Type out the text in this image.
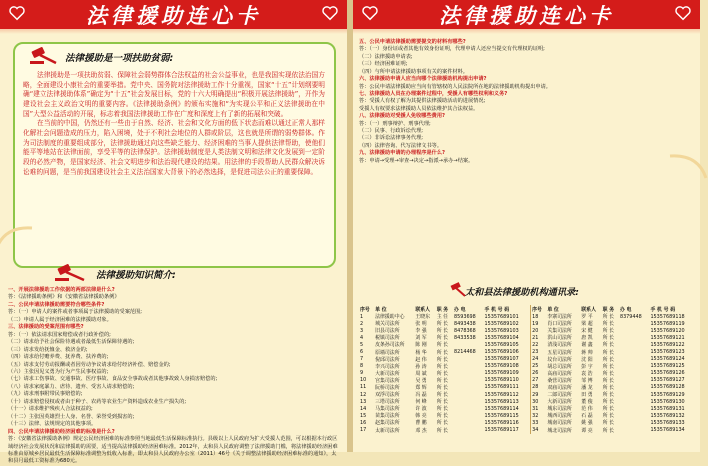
法律援助连心卡
法律援助是一项扶助贫弱:

法律援助是一项扶助贫弱、保障社会弱势群体合法权益的社会公益事业，也是我国实现依法治国方略，全面建设小康社会的重要举措。党中央、国务院对法律援助工作十分重视，国家“十五”计划纲要明确“建立法律援助体系”确定为“十五”社会发展目标，党的十六大明确提出“积极开展法律援助”，开作为建设社会主义政治文明的重要内容。《法律援助条例》的颁布实施和“为实现公平和正义法律援助在中国”大型公益活动的开展，标志着我国法律援助工作在广度和深度上有了新的拓展和突破。

在当前的中国，仍然还有一些由于自然、经济、社会和文化方面的低下状态而难以通过正常人那样化解社会问题造成的压力，陷入困境，处于不利社会地位的人群或阶层，这也就是所谓的弱势群体。作为司法制度的重要组成部分，法律援助通过向这些缺乏能力、经济困难的当事人提供法律帮助，使他们能平等地站在法律面前，享受平等的法律保护。法律援助制度是人类法制文明和法律文化发展到一定阶段的必然产物，是国家经济、社会文明进步和法治现代建设的结果。用法律的手段帮助人民群众解决诉讼难的问题，是当前我国建设社会主义法治国家大背景下的必然选择，是促进司法公正的重要保障。

法律援助知识简介:
一、开展法律援助工作依据的两部法律是什么?
答：《法律援助条例》和《安徽省法律援助条例》
二、公民申请法律援助需要符合哪些条件?
答：（一）申请人的案件或者事项属于法律援助的受案范围;
（二）申请人属于经济困难的法律援助对象。
三、法律援助的受案范围有哪些?
答：（一）依法请求国家赔偿或者行政补偿的;
（二）请求给予社会保险待遇或者最低生活保障待遇的;
（三）请求发给抚恤金、救济金的;
（四）请求给付赡养费、抚养费、扶养费的;
（五）请求支付劳动报酬或者因劳动争议请求给付经济补偿、赔偿金的;
（六）主张因见义勇为行为产生民事权益的;
（七）请求工伤事故、交通事故、医疗事故、食品安全事故或者其他事故致人身损害赔偿的;
（八）请求家庭暴力、虐待、遗弃、受害人请求赔偿的;
（九）请求刑事附带民事赔偿的;
（十）请求赔偿侵权或者由于种子、农药等农业生产资料造成农业生产损失的;
（十一）请求维护残疾人合法权益的;
（十二）主张因英雄烈士人身、名誉、荣誉受到损害的;
（十三）法律、法规规定的其他事项。
四、公民申请法律援助经济困难的标准是什么?
答：《安徽省法律援助条例》规定公民经济困难的标准参照当地最低生活保障标准执行。县级以上人民政府为扩大受援人范围，可以根据本行政区域经济社会发展状况和法律援助的需要，适当提高法律援助经济困难标准。2012年，太和县人民政府调整了法律援助门槛，将法律援助经济困难标准由原城乡居民最低生活保障标准调整为低收入标准，即太和县人民政府办公室（2011）46号《关于调整法律援助经济困难标准的通知》，太和县月最低工资标准为680元。
法律援助连心卡
五、公民申请法律援助需要提交的材料有哪些?
答：（一）身份证或者其他有效身份证明，代理申请人还应当提交有代理权的证明;
（二）法律援助申请表;
（三）经济困难证明;
（四）与所申请法律援助事项有关的案件材料。
六、法律援助申请人应当向哪个法律援助机构提出申请?
答：公民申请法律援助应当向有管辖权的人民法院所在地的法律援助机构提出申请。
七、法律援助人员在办理案件过程中，受援人有哪些权利和义务?
答：受援人有权了解为其提供法律援助活动的进展情况;
受援人有权要求法律援助人员依法维护其合法权益。
八、法律援助对受援人免收哪些费用?
答：（一）刑事辩护、刑事代理;
（二）民事、行政诉讼代理;
（三）非诉讼法律事务代理;
（四）法律咨询、代写法律文书等。
九、法律援助申请的办理程序是什么?
答：申请→受理→审查→决定→指派→承办→结案。
太和县法律援助机构通讯录:
序号	单 位	联系人	职 务	办 电	手 机 号 码	序号	单 位	联系人	职 务	办 电	手 机 号 码
1	法律援助中心	王晓东	主 任	8593698	15357689101	18	李寨司法所	罗 平	所 长	8379448	15357689118
2	城关司法所	张 明	所 长	8493438	15357689102	19	肖口司法所	梁 超	所 长		15357689119
3	旧县司法所	李 强	所 长	8478368	15357689103	20	关集司法所	宋 健	所 长		15357689120
4	税镇司法所	刘 军	所 长	8433538	15357689104	21	洪山司法所	唐 凯	所 长		15357689121
5	皮条孙司法所	陈 刚	所 长		15357689105	22	清浅司法所	谢 鑫	所 长		15357689122
6	原墙司法所	杨 华	所 长	8214468	15357689106	23	五星司法所	蒋 帅	所 长		15357689123
7	倪邱司法所	赵 伟	所 长		15357689107	24	坟台司法所	沈 阳	所 长		15357689124
8	李兴司法所	孙 涛	所 长		15357689108	25	胡总司法所	彭 宇	所 长		15357689125
9	大新司法所	周 斌	所 长		15357689109	26	高庙司法所	袁 浩	所 长		15357689126
10	宫集司法所	吴 勇	所 长		15357689110	27	桑营司法所	邹 博	所 长		15357689127
11	阮桥司法所	郑 辉	所 长		15357689111	28	双庙司法所	潘 龙	所 长		15357689128
12	双浮司法所	冯 磊	所 长		15357689112	29	二郎司法所	田 勇	所 长		15357689129
13	三塔司法所	何 峰	所 长		15357689113	30	大新司法所	董 俊	所 长		15357689130
14	马集司法所	许 波	所 长		15357689114	31	城东司法所	范 伟	所 长		15357689131
15	苗集司法所	韩 亮	所 长		15357689115	32	城西司法所	石 磊	所 长		15357689132
16	赵集司法所	曹 鹏	所 长		15357689116	33	城南司法所	姚 强	所 长		15357689133
17	太新司法所	邓 杰	所 长		15357689117	34	城北司法所	谭 亮	所 长		15357689134
